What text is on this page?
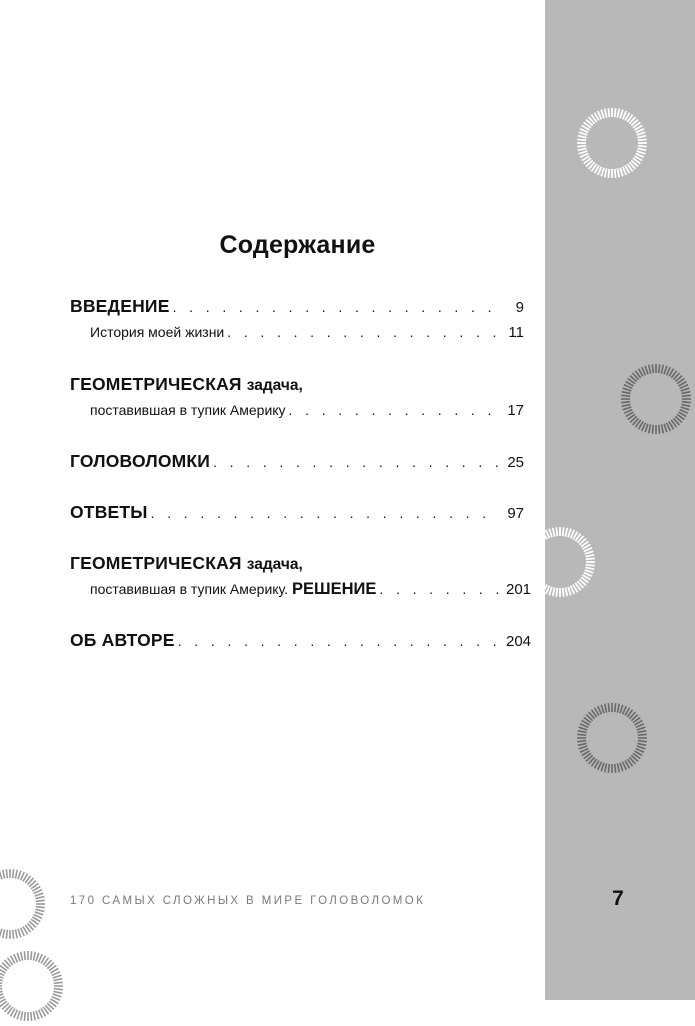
Содержание
ВВЕДЕНИЕ . . .	9
История моей жизни . . .	11
ГЕОМЕТРИЧЕСКАЯ задача,
поставившая в тупик Америку . . .	17
ГОЛОВОЛОМКИ . . .	25
ОТВЕТЫ . . .	97
ГЕОМЕТРИЧЕСКАЯ задача,
поставившая в тупик Америку. РЕШЕНИЕ . . .	201
ОБ АВТОРЕ . . .	204
170 САМЫХ СЛОЖНЫХ В МИРЕ ГОЛОВОЛОМОК	7
